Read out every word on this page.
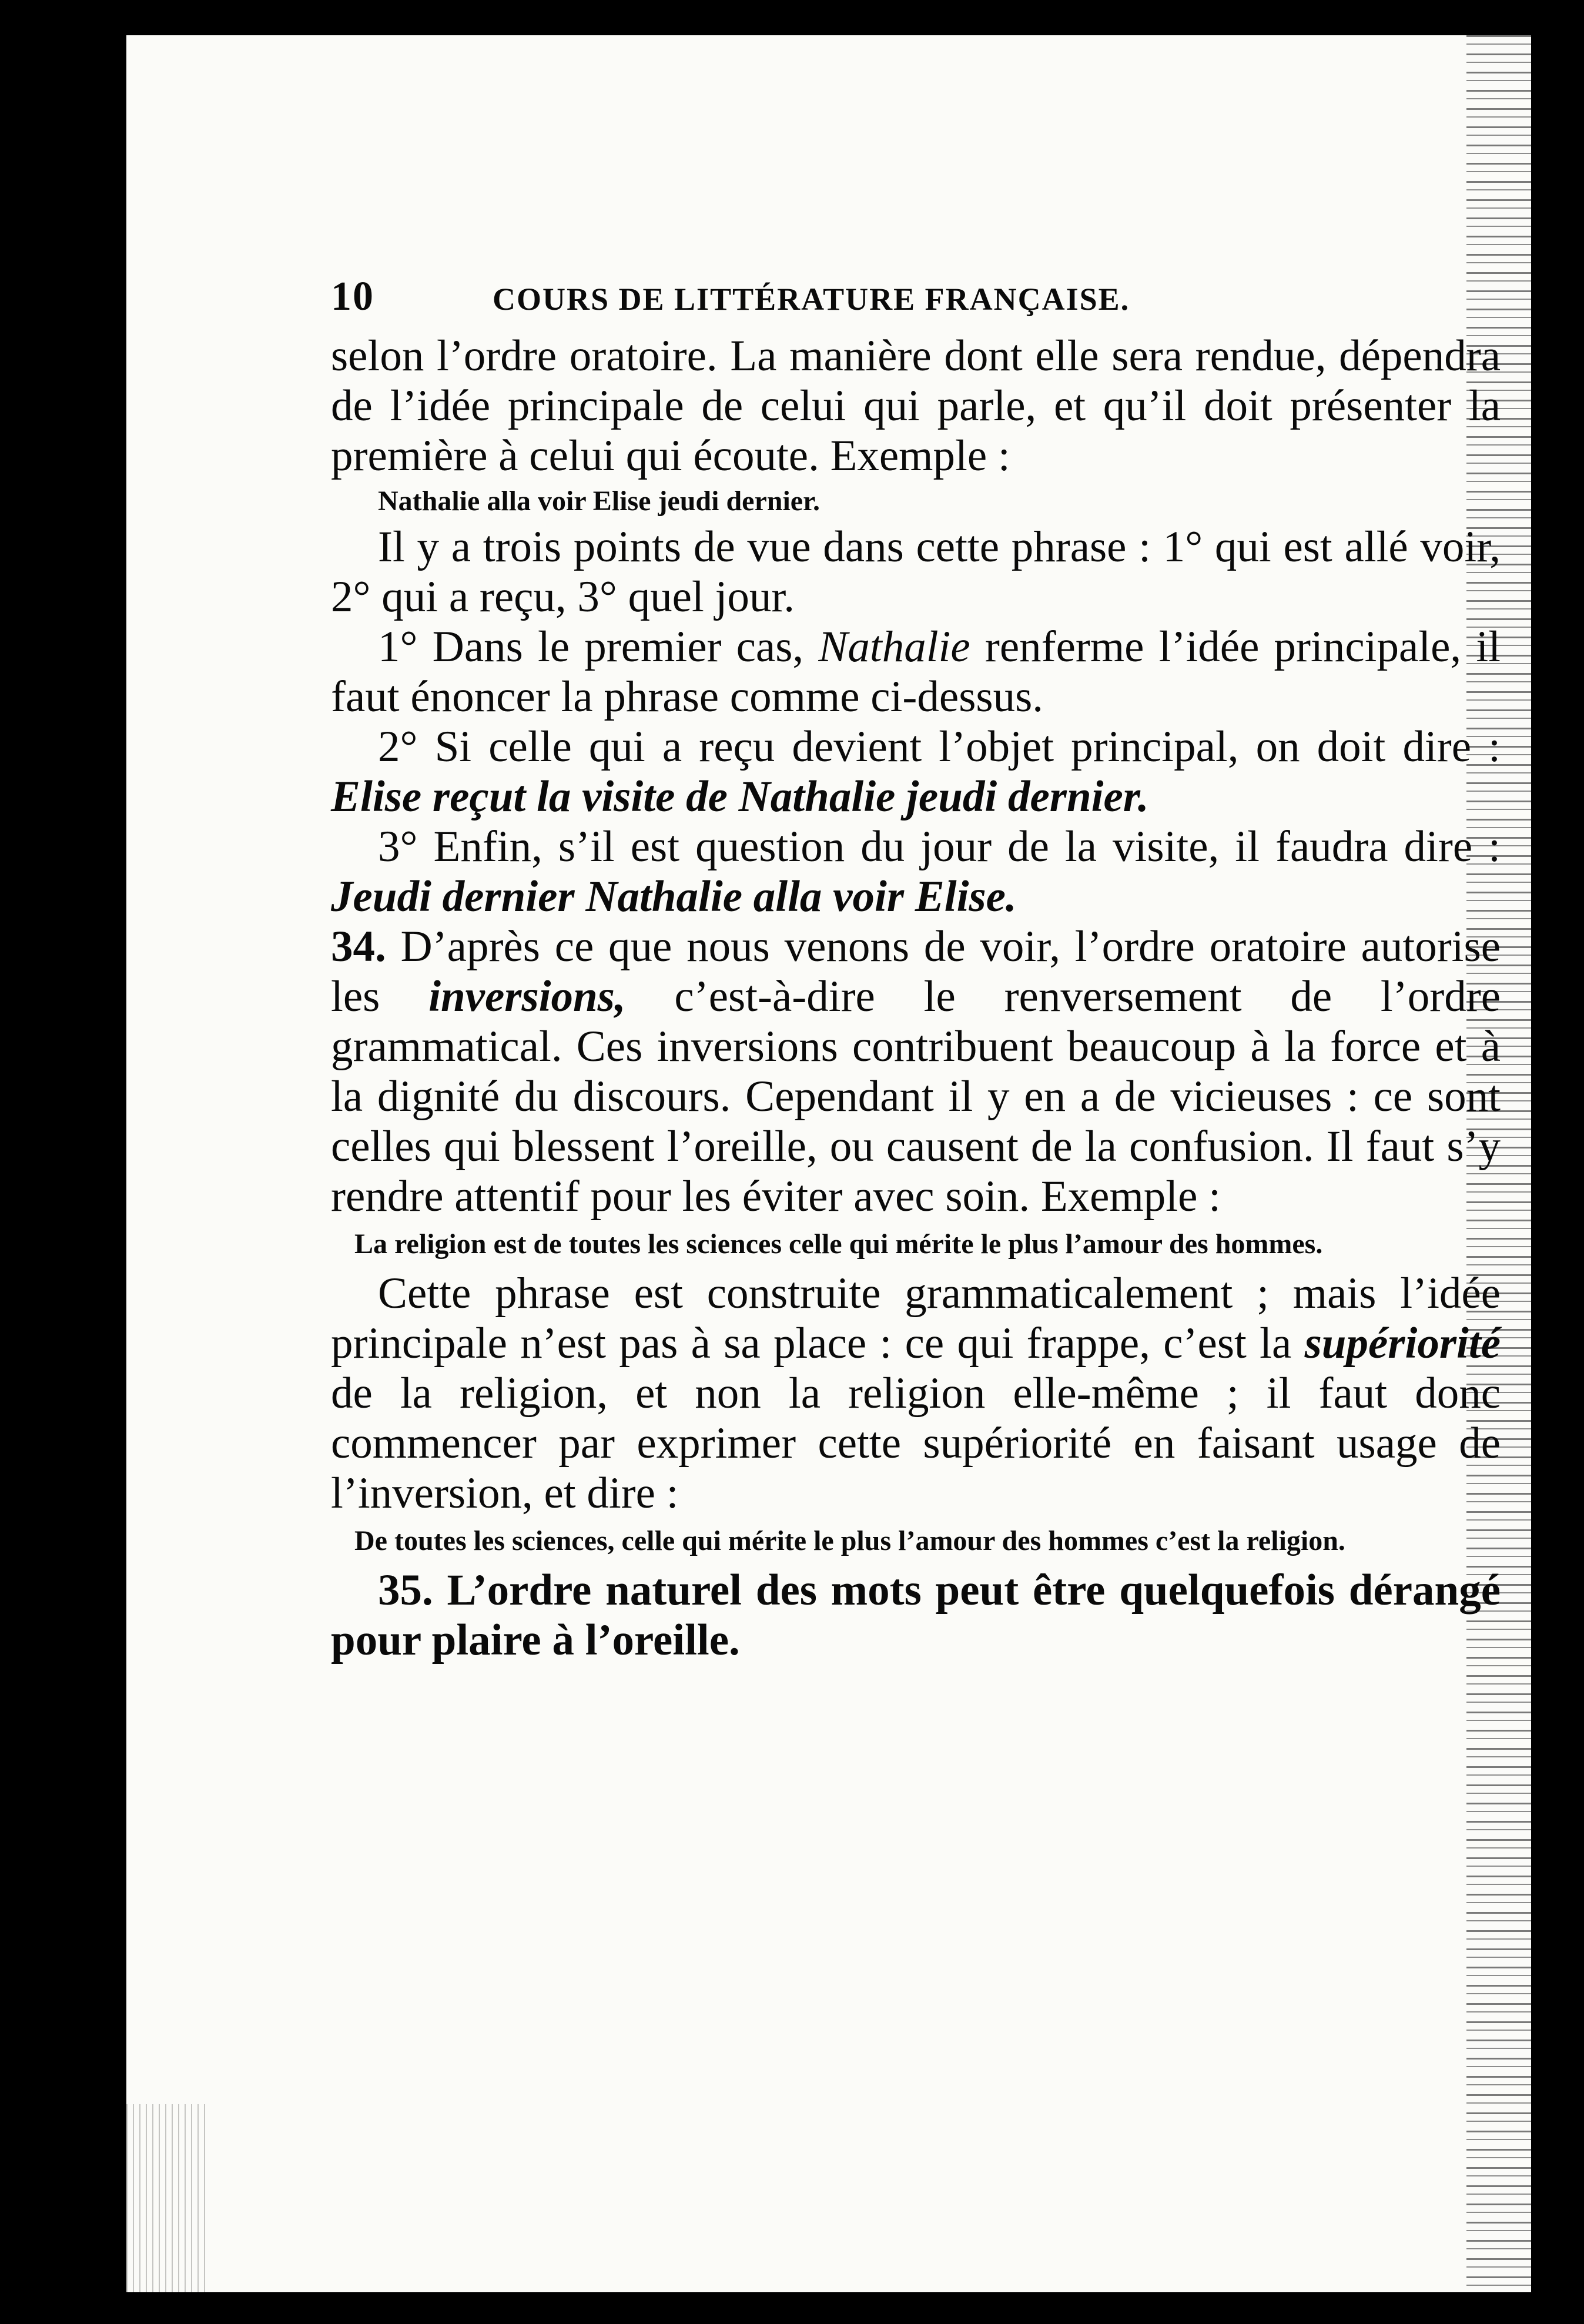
10	COURS DE LITTÉRATURE FRANÇAISE.

selon l’ordre oratoire. La manière dont elle sera rendue, dépendra de l’idée principale de celui qui parle, et qu’il doit présenter la première à celui qui écoute. Exemple :

Nathalie alla voir Elise jeudi dernier.

Il y a trois points de vue dans cette phrase : 1° qui est allé voir, 2° qui a reçu, 3° quel jour.

1° Dans le premier cas, Nathalie renferme l’idée principale, il faut énoncer la phrase comme ci-dessus.

2° Si celle qui a reçu devient l’objet principal, on doit dire : Elise reçut la visite de Nathalie jeudi dernier.

3° Enfin, s’il est question du jour de la visite, il faudra dire : Jeudi dernier Nathalie alla voir Elise.

34. D’après ce que nous venons de voir, l’ordre oratoire autorise les inversions, c’est-à-dire le renversement de l’ordre grammatical. Ces inversions contribuent beaucoup à la force et à la dignité du discours. Cependant il y en a de vicieuses : ce sont celles qui blessent l’oreille, ou causent de la confusion. Il faut s’y rendre attentif pour les éviter avec soin. Exemple :

La religion est de toutes les sciences celle qui mérite le plus l’amour des hommes.

Cette phrase est construite grammaticalement ; mais l’idée principale n’est pas à sa place : ce qui frappe, c’est la supériorité de la religion, et non la religion elle-même ; il faut donc commencer par exprimer cette supériorité en faisant usage de l’inversion, et dire :

De toutes les sciences, celle qui mérite le plus l’amour des hommes c’est la religion.

35. L’ordre naturel des mots peut être quelquefois dérangé pour plaire à l’oreille.
